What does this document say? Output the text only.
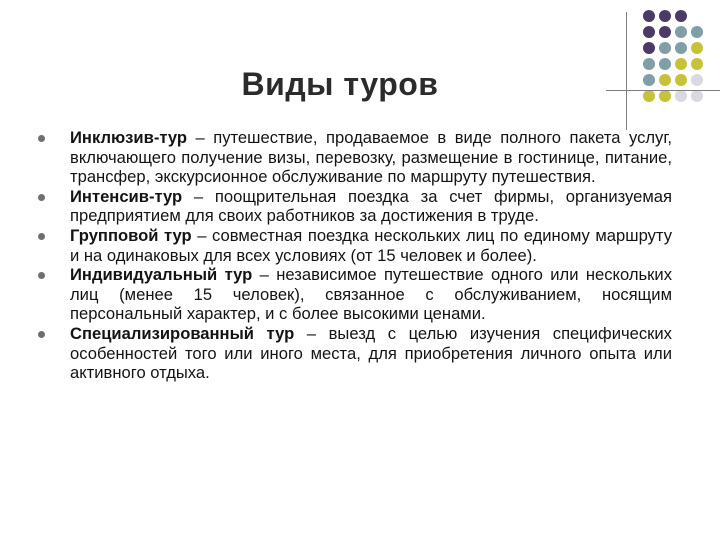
Виды туров
Инклюзив-тур – путешествие, продаваемое в виде полного пакета услуг, включающего получение визы, перевозку, размещение в гостинице, питание, трансфер, экскурсионное обслуживание по маршруту путешествия.
Интенсив-тур – поощрительная поездка за счет фирмы, организуемая предприятием для своих работников за достижения в труде.
Групповой тур – совместная поездка нескольких лиц по единому маршруту и на одинаковых для всех условиях (от 15 человек и более).
Индивидуальный тур – независимое путешествие одного или нескольких лиц (менее 15 человек), связанное с обслуживанием, носящим персональный характер, и с более высокими ценами.
Специализированный тур – выезд с целью изучения специфических особенностей того или иного места, для приобретения личного опыта или активного отдыха.
